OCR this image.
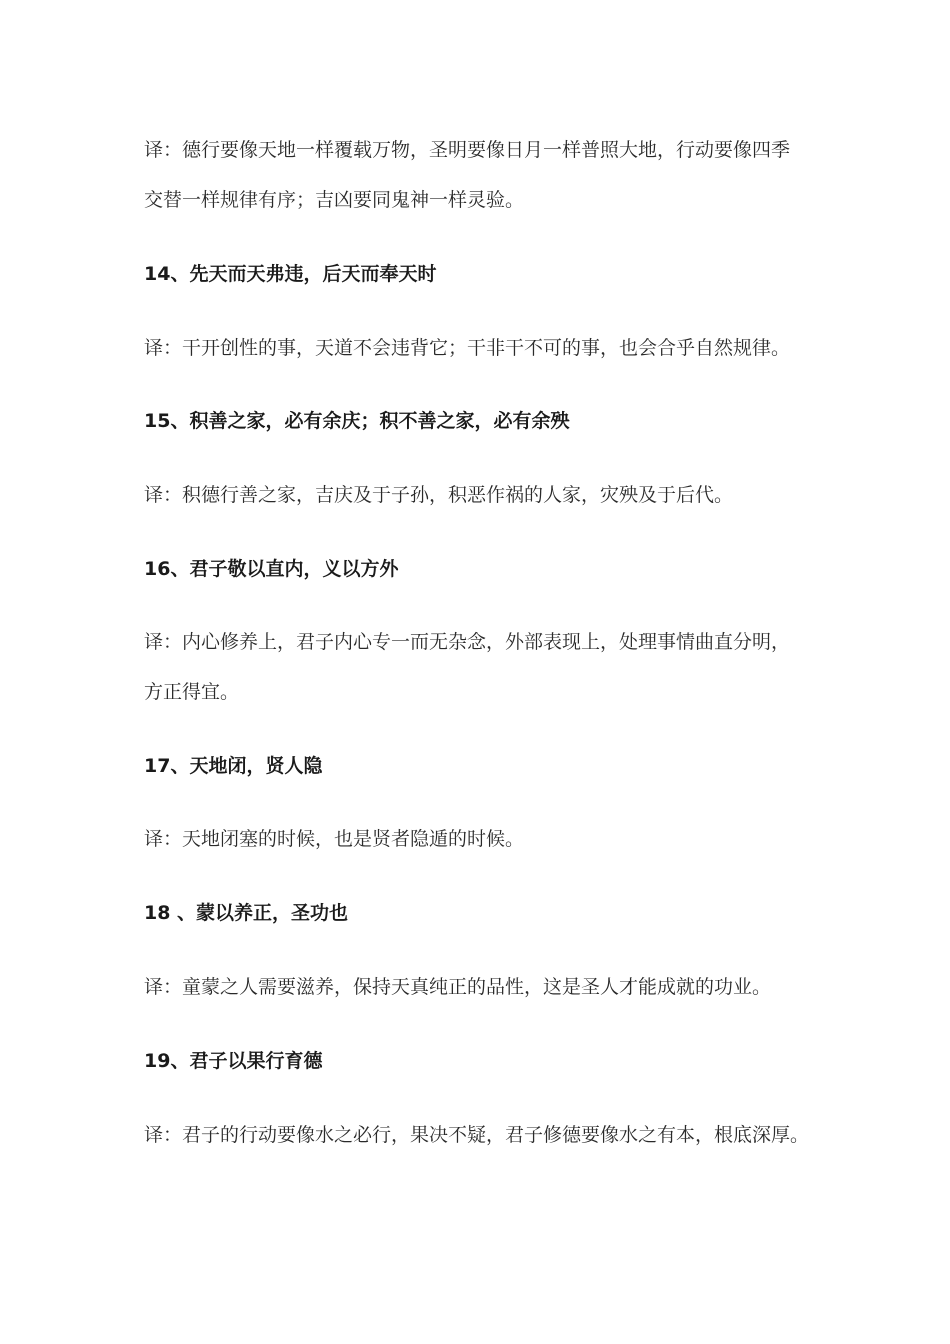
译：德行要像天地一样覆载万物，圣明要像日月一样普照大地，行动要像四季
交替一样规律有序；吉凶要同鬼神一样灵验。
14、先天而天弗违，后天而奉天时
译：干开创性的事，天道不会违背它；干非干不可的事，也会合乎自然规律。
15、积善之家，必有余庆；积不善之家，必有余殃
译：积德行善之家，吉庆及于子孙，积恶作祸的人家，灾殃及于后代。
16、君子敬以直内，义以方外
译：内心修养上，君子内心专一而无杂念，外部表现上，处理事情曲直分明，
方正得宜。
17、天地闭，贤人隐
译：天地闭塞的时候，也是贤者隐遁的时候。
18 、蒙以养正，圣功也
译：童蒙之人需要滋养，保持天真纯正的品性，这是圣人才能成就的功业。
19、君子以果行育德
译：君子的行动要像水之必行，果决不疑，君子修德要像水之有本，根底深厚。
